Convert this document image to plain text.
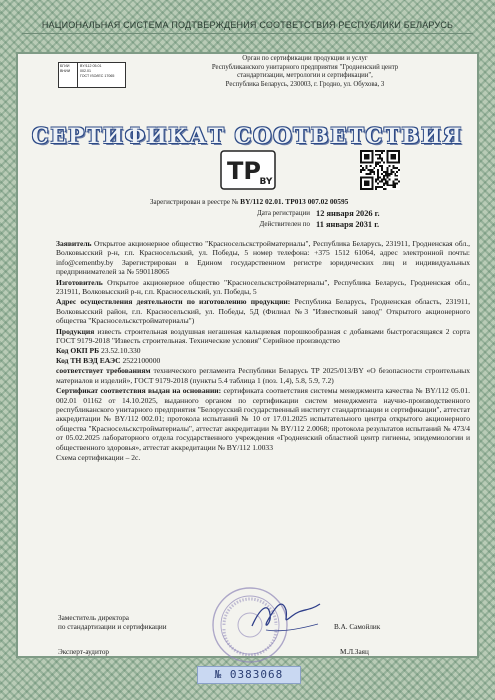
НАЦИОНАЛЬНАЯ СИСТЕМА ПОДТВЕРЖДЕНИЯ СООТВЕТСТВИЯ РЕСПУБЛИКИ БЕЛАРУСЬ
БГИИ
ВНИИ
BY/112 05.01
002.01
ГОСТ ISO/IEC 17065
Орган по сертификации продукции и услуг
Республиканского унитарного предприятия "Гродненский центр
стандартизации, метрологии и сертификации",
Республика Беларусь, 230003, г. Гродно, ул. Обухова, 3
СЕРТИФИКАТ СООТВЕТСТВИЯ
TP
BY
Зарегистрирован в реестре № BY/112 02.01. ТР013 007.02 00595
Дата регистрации 12 января 2026 г.
Действителен по 11 января 2031 г.

Заявитель Открытое акционерное общество "Красносельскстройматериалы", Республика Беларусь, 231911, Гродненская обл., Волковысский р-н, г.п. Красносельский, ул. Победы, 5 номер телефона: +375 1512 61064, адрес электронной почты: info@cementby.by Зарегистрирован в Едином государственном регистре юридических лиц и индивидуальных предпринимателей за № 590118065

Изготовитель Открытое акционерное общество "Красносельскстройматериалы", Республика Беларусь, Гродненская обл., 231911, Волковысский р-н, г.п. Красносельский, ул. Победы, 5

Адрес осуществления деятельности по изготовлению продукции: Республика Беларусь, Гродненская область, 231911, Волковысский район, г.п. Красносельский, ул. Победы, 5Д (Филиал №3 "Известковый завод" Открытого акционерного общества "Красносельскстройматериалы")

Продукция известь строительная воздушная негашеная кальциевая порошкообразная с добавками быстрогасящаяся 2 сорта ГОСТ 9179-2018 "Известь строительная. Технические условия" Серийное производство

Код ОКП РБ 23.52.10.330

Код ТН ВЭД ЕАЭС 2522100000

соответствует требованиям технического регламента Республики Беларусь ТР 2025/013/BY «О безопасности строительных материалов и изделий», ГОСТ 9179-2018 (пункты 5.4 таблица 1 (поз. 1,4), 5.8, 5.9, 7.2)

Сертификат соответствия выдан на основании: сертификата соответствия системы менеджмента качества № BY/112 05.01. 002.01 01162 от 14.10.2025, выданного органом по сертификации систем менеджмента научно-производственного республиканского унитарного предприятия "Белорусский государственный институт стандартизации и сертификации", аттестат аккредитации № BY/112 002.01; протокола испытаний № 10 от 17.01.2025 испытательного центра открытого акционерного общества "Красносельскстройматериалы", аттестат аккредитации № BY/112 2.0068; протокола результатов испытаний № 473/4 от 05.02.2025 лабораторного отдела государственного учреждения «Гродненский областной центр гигиены, эпидемиологии и общественного здоровья», аттестат аккредитации № BY/112 1.0033

Схема сертификации – 2с.

Заместитель директора
по стандартизации и сертификации	В.А. Самойлик
Эксперт-аудитор	М.Л.Заяц
№ 0383068
